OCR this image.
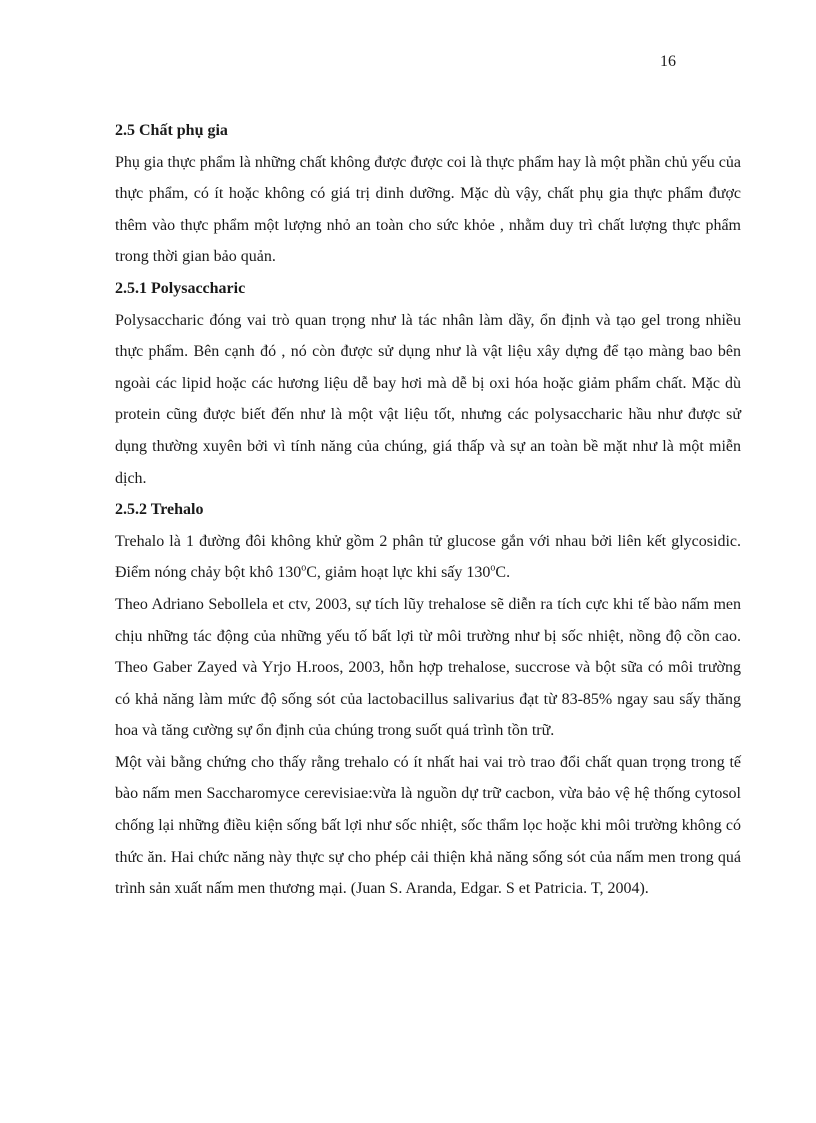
16
2.5 Chất phụ gia

Phụ gia thực phẩm là những chất không được được coi là thực phẩm hay là một phần chủ yếu của thực phẩm, có ít hoặc không có giá trị dinh dưỡng. Mặc dù vậy, chất phụ gia thực phẩm được thêm vào thực phẩm một lượng nhỏ an toàn cho sức khỏe , nhằm duy trì chất lượng thực phẩm trong thời gian bảo quản.

2.5.1 Polysaccharic

Polysaccharic đóng vai trò quan trọng như là tác nhân làm dầy, ổn định và tạo gel trong nhiều thực phẩm. Bên cạnh đó , nó còn được sử dụng như là vật liệu xây dựng để tạo màng bao bên ngoài các lipid hoặc các hương liệu dễ bay hơi mà dễ bị oxi hóa hoặc giảm phẩm chất. Mặc dù protein cũng được biết đến như là một vật liệu tốt, nhưng các polysaccharic hầu như được sử dụng thường xuyên bởi vì tính năng của chúng, giá thấp và sự an toàn bề mặt như là một miễn dịch.

2.5.2 Trehalo

Trehalo là 1 đường đôi không khử gồm 2 phân tử glucose gắn với nhau bởi liên kết glycosidic. Điểm nóng chảy bột khô 130$^o$C, giảm hoạt lực khi sấy 130$^o$C.

Theo Adriano Sebollela et ctv, 2003, sự tích lũy trehalose sẽ diễn ra tích cực khi tế bào nấm men chịu những tác động của những yếu tố bất lợi từ môi trường như bị sốc nhiệt, nồng độ cồn cao. Theo Gaber Zayed và Yrjo H.roos, 2003, hỗn hợp trehalose, succrose và bột sữa có môi trường có khả năng làm mức độ sống sót của lactobacillus salivarius đạt từ 83-85% ngay sau sấy thăng hoa và tăng cường sự ổn định của chúng trong suốt quá trình tồn trữ.

Một vài bằng chứng cho thấy rằng trehalo có ít nhất hai vai trò trao đổi chất quan trọng trong tế bào nấm men Saccharomyce cerevisiae:vừa là nguồn dự trữ cacbon, vừa bảo vệ hệ thống cytosol chống lại những điều kiện sống bất lợi như sốc nhiệt, sốc thẩm lọc hoặc khi môi trường không có thức ăn. Hai chức năng này thực sự cho phép cải thiện khả năng sống sót của nấm men trong quá trình sản xuất nấm men thương mại. (Juan S. Aranda, Edgar. S et Patricia. T, 2004).
